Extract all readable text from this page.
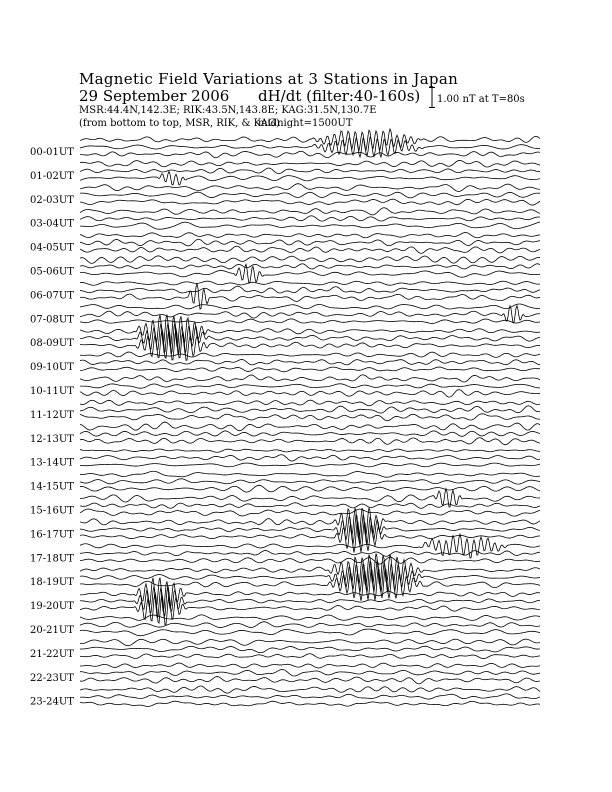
Magnetic Field Variations at 3 Stations in Japan
29 September 2006 dH/dt (filter:40-160s)
MSR:44.4N,142.3E; RIK:43.5N,143.8E; KAG:31.5N,130.7E
(from bottom to top, MSR, RIK, & KAG)
midnight=1500UT
1.00 nT at T=80s
00-01UT
01-02UT
02-03UT
03-04UT
04-05UT
05-06UT
06-07UT
07-08UT
08-09UT
09-10UT
10-11UT
11-12UT
12-13UT
13-14UT
14-15UT
15-16UT
16-17UT
17-18UT
18-19UT
19-20UT
20-21UT
21-22UT
22-23UT
23-24UT
